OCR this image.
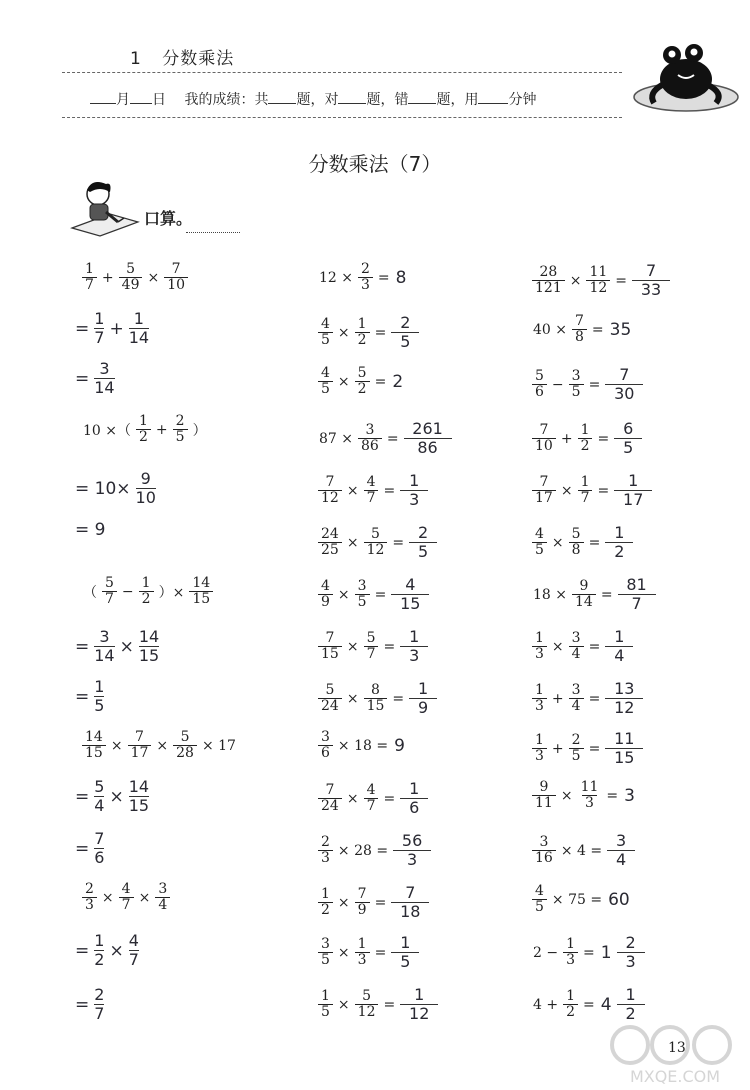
1 分数乘法
月 日 我的成绩：共 题，对 题，错 题，用 分钟
分数乘法（7）
口算。
$\frac{1}{7} + \frac{5}{49} \times \frac{7}{10}$
= $\frac{1}{7} + \frac{1}{14}$
= $\frac{3}{14}$
10 ×（ $\frac{1}{2} + \frac{2}{5}$ ）
= $10\times \frac{9}{10}$
= 9
（ $\frac{5}{7} - \frac{1}{2}$ ）× $\frac{14}{15}$
= $\frac{3}{14} \times \frac{14}{15}$
= $\frac{1}{5}$
$\frac{14}{15} \times \frac{7}{17} \times \frac{5}{28} \times 17$
= $\frac{5}{4} \times \frac{14}{15}$
= $\frac{7}{6}$
$\frac{2}{3} \times \frac{4}{7} \times \frac{3}{4}$
= $\frac{1}{2} \times \frac{4}{7}$
= $\frac{2}{7}$
$12 \times \frac{2}{3} = 8$
$\frac{4}{5} \times \frac{1}{2} = \frac{2}{5}$
$\frac{4}{5} \times \frac{5}{2} = 2$
$87 \times \frac{3}{86} = \frac{261}{86}$
$\frac{7}{12} \times \frac{4}{7} = \frac{1}{3}$
$\frac{24}{25} \times \frac{5}{12} = \frac{2}{5}$
$\frac{4}{9} \times \frac{3}{5} = \frac{4}{15}$
$\frac{7}{15} \times \frac{5}{7} = \frac{1}{3}$
$\frac{5}{24} \times \frac{8}{15} = \frac{1}{9}$
$\frac{3}{6} \times 18 = 9$
$\frac{7}{24} \times \frac{4}{7} = \frac{1}{6}$
$\frac{2}{3} \times 28 = \frac{56}{3}$
$\frac{1}{2} \times \frac{7}{9} = \frac{7}{18}$
$\frac{3}{5} \times \frac{1}{3} = \frac{1}{5}$
$\frac{1}{5} \times \frac{5}{12} = \frac{1}{12}$
$\frac{28}{121} \times \frac{11}{12} = \frac{7}{33}$
$40 \times \frac{7}{8} = 35$
$\frac{5}{6} - \frac{3}{5} = \frac{7}{30}$
$\frac{7}{10} + \frac{1}{2} = \frac{6}{5}$
$\frac{7}{17} \times \frac{1}{7} = \frac{1}{17}$
$\frac{4}{5} \times \frac{5}{8} = \frac{1}{2}$
$18 \times \frac{9}{14} = \frac{81}{7}$
$\frac{1}{3} \times \frac{3}{4} = \frac{1}{4}$
$\frac{1}{3} + \frac{3}{4} = \frac{13}{12}$
$\frac{1}{3} + \frac{2}{5} = \frac{11}{15}$
$\frac{9}{11} \times \frac{11}{3} = 3$
$\frac{3}{16} \times 4 = \frac{3}{4}$
$\frac{4}{5} \times 75 = 60$
$2 - \frac{1}{3} = 1 \frac{2}{3}$
$4 + \frac{1}{2} = 4 \frac{1}{2}$
13
MXQE.COM
